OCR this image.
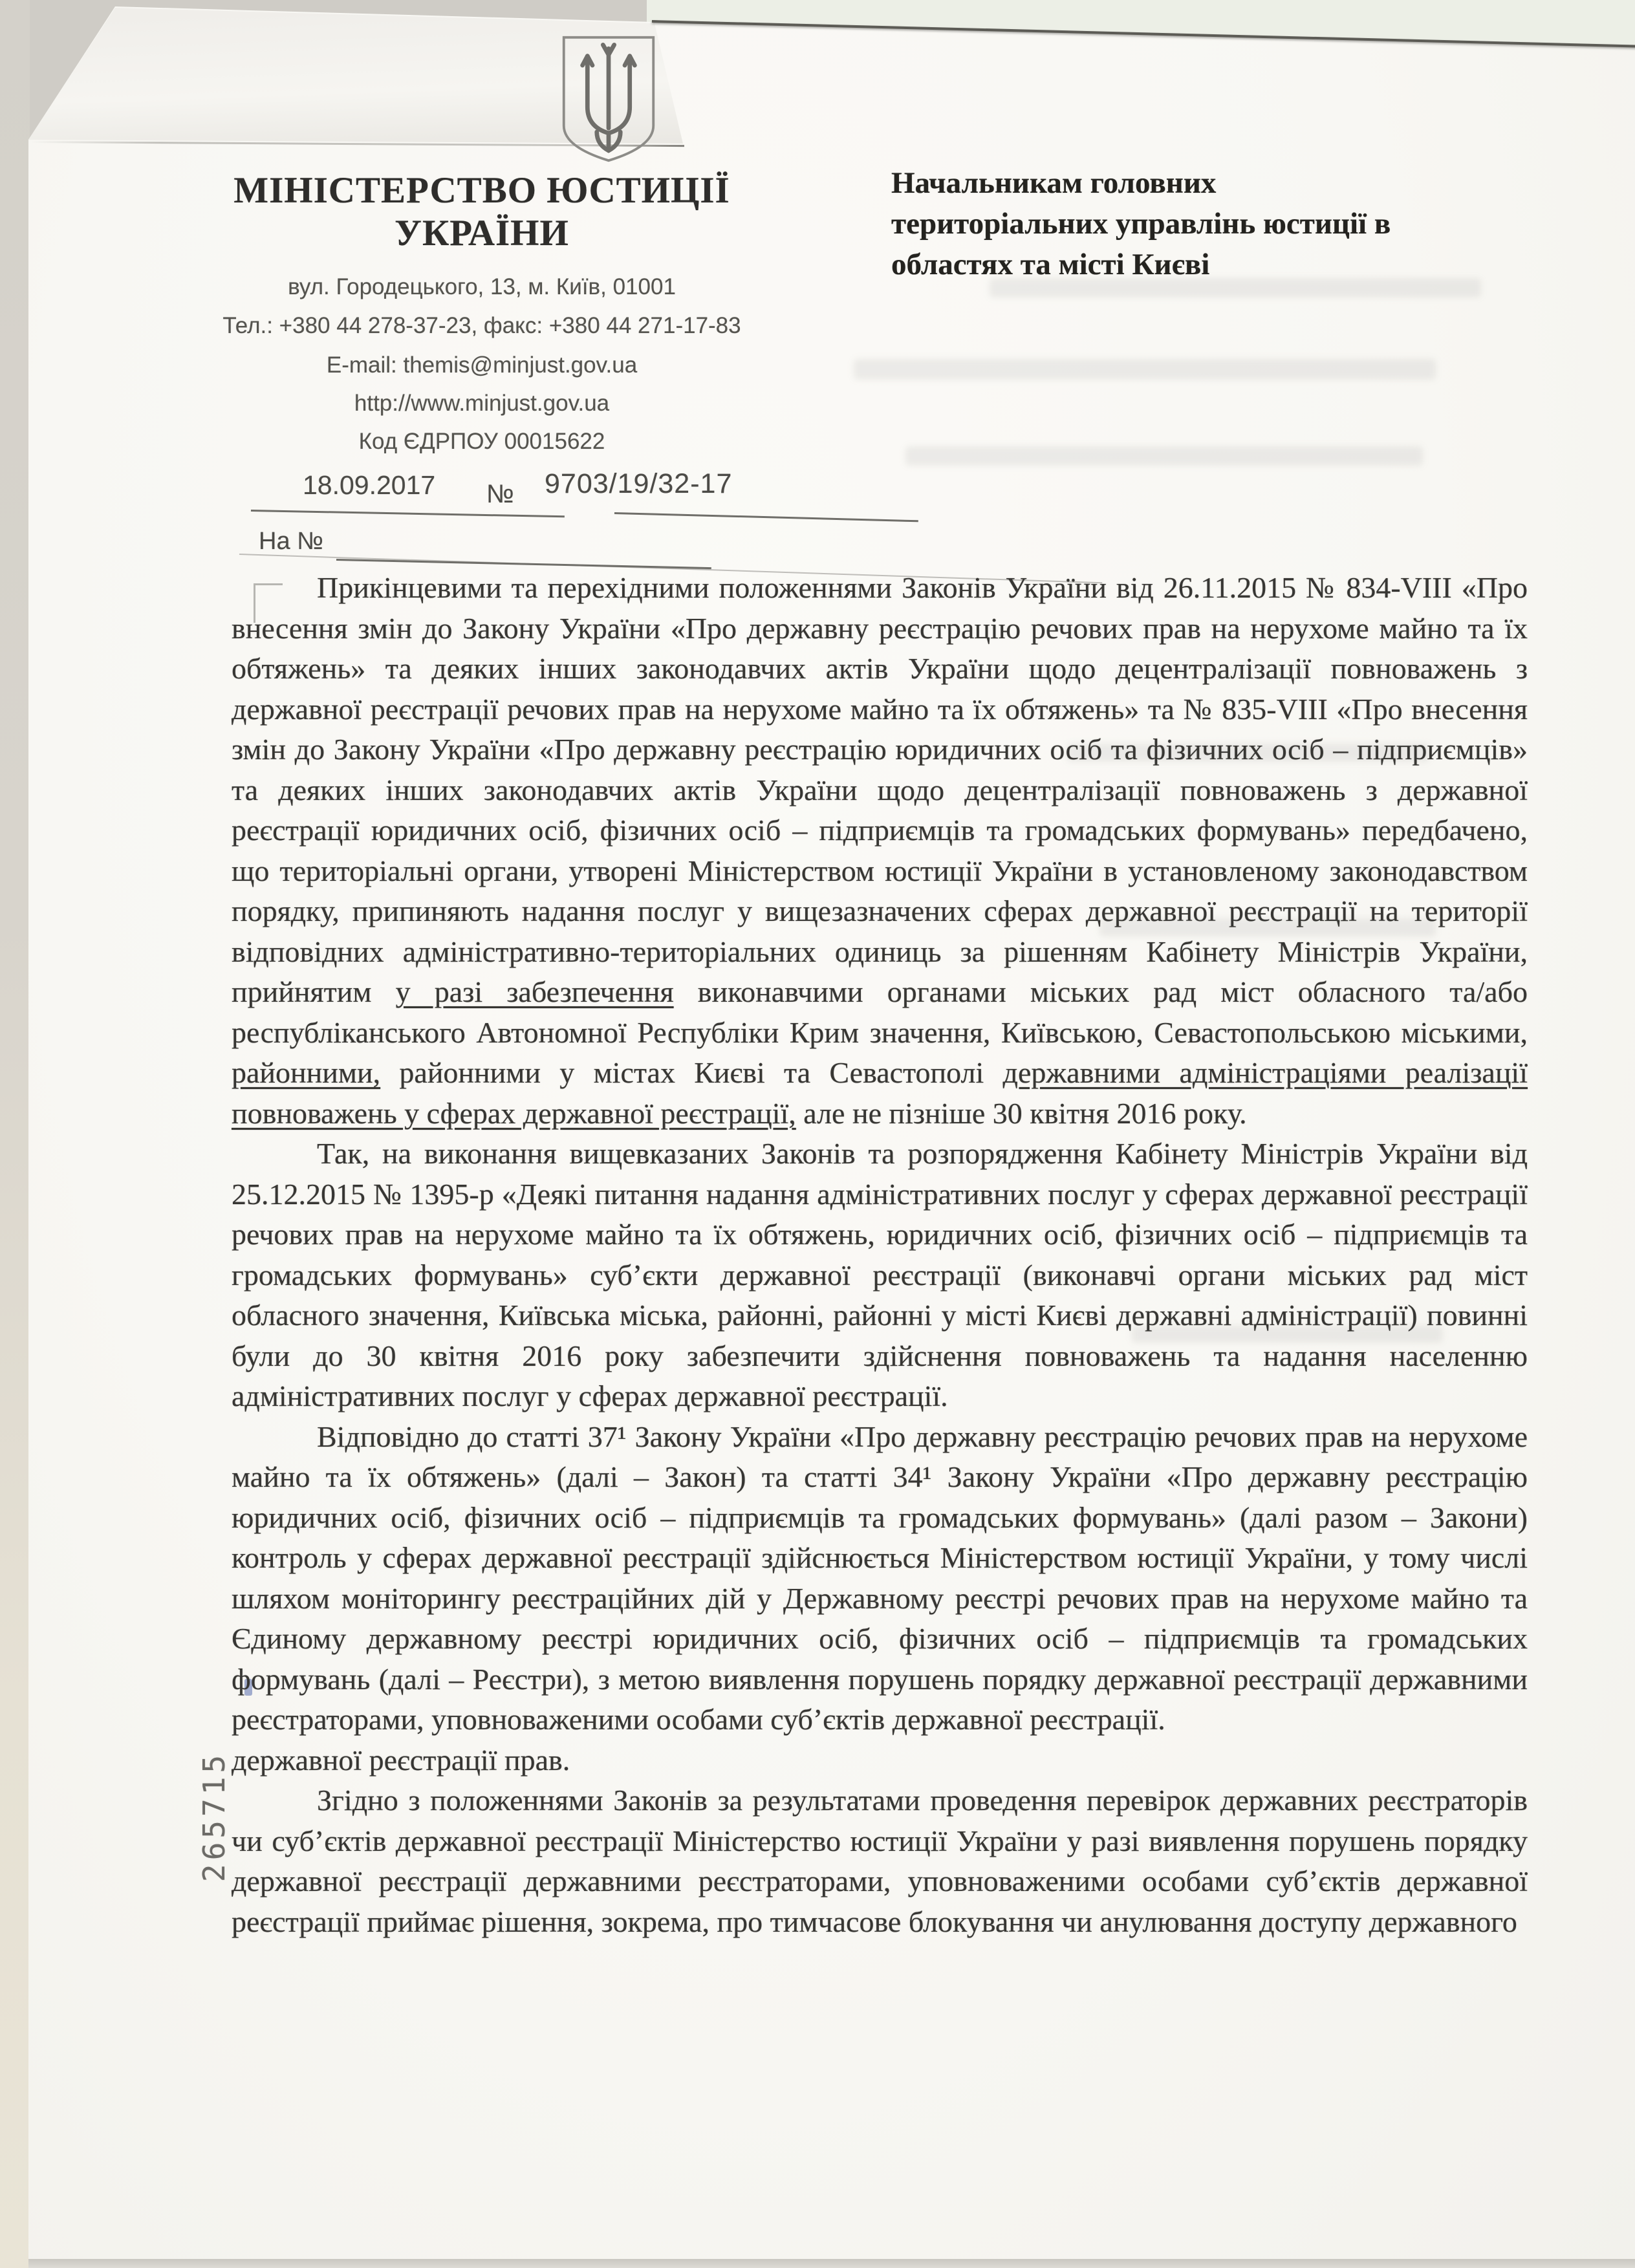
МІНІСТЕРСТВО ЮСТИЦІЇ
УКРАЇНИ
вул. Городецького, 13, м. Київ, 01001
Тел.: +380 44 278-37-23, факс: +380 44 271-17-83
E-mail: themis@minjust.gov.ua
http://www.minjust.gov.ua
Код ЄДРПОУ 00015622
Начальникам головних
територіальних управлінь юстиції в
областях та місті Києві
18.09.2017 № 9703/19/32-17
На №

Прикінцевими та перехідними положеннями Законів України від 26.11.2015 № 834-VIII «Про внесення змін до Закону України «Про державну реєстрацію речових прав на нерухоме майно та їх обтяжень» та деяких інших законодавчих актів України щодо децентралізації повноважень з державної реєстрації речових прав на нерухоме майно та їх обтяжень» та № 835-VIII «Про внесення змін до Закону України «Про державну реєстрацію юридичних осіб та фізичних осіб – підприємців» та деяких інших законодавчих актів України щодо децентралізації повноважень з державної реєстрації юридичних осіб, фізичних осіб – підприємців та громадських формувань» передбачено, що територіальні органи, утворені Міністерством юстиції України в установленому законодавством порядку, припиняють надання послуг у вищезазначених сферах державної реєстрації на території відповідних адміністративно-територіальних одиниць за рішенням Кабінету Міністрів України, прийнятим у разі забезпечення виконавчими органами міських рад міст обласного та/або республіканського Автономної Республіки Крим значення, Київською, Севастопольською міськими, районними, районними у містах Києві та Севастополі державними адміністраціями реалізації повноважень у сферах державної реєстрації, але не пізніше 30 квітня 2016 року.

Так, на виконання вищевказаних Законів та розпорядження Кабінету Міністрів України від 25.12.2015 № 1395-р «Деякі питання надання адміністративних послуг у сферах державної реєстрації речових прав на нерухоме майно та їх обтяжень, юридичних осіб, фізичних осіб – підприємців та громадських формувань» суб’єкти державної реєстрації (виконавчі органи міських рад міст обласного значення, Київська міська, районні, районні у місті Києві державні адміністрації) повинні були до 30 квітня 2016 року забезпечити здійснення повноважень та надання населенню адміністративних послуг у сферах державної реєстрації.

Відповідно до статті 37¹ Закону України «Про державну реєстрацію речових прав на нерухоме майно та їх обтяжень» (далі – Закон) та статті 34¹ Закону України «Про державну реєстрацію юридичних осіб, фізичних осіб – підприємців та громадських формувань» (далі разом – Закони) контроль у сферах державної реєстрації здійснюється Міністерством юстиції України, у тому числі шляхом моніторингу реєстраційних дій у Державному реєстрі речових прав на нерухоме майно та Єдиному державному реєстрі юридичних осіб, фізичних осіб – підприємців та громадських формувань (далі – Реєстри), з метою виявлення порушень порядку державної реєстрації державними реєстраторами, уповноваженими особами суб’єктів державної реєстрації.

державної реєстрації прав.

Згідно з положеннями Законів за результатами проведення перевірок державних реєстраторів чи суб’єктів державної реєстрації Міністерство юстиції України у разі виявлення порушень порядку державної реєстрації державними реєстраторами, уповноваженими особами суб’єктів державної реєстрації приймає рішення, зокрема, про тимчасове блокування чи анулювання доступу державного

265715
